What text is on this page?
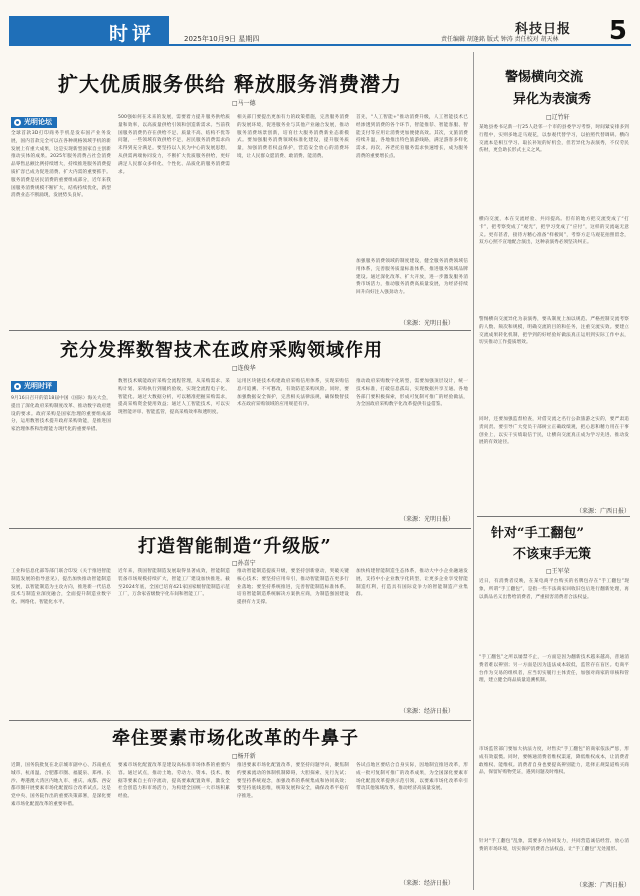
时评	2025年10月9日 星期四	责任编辑 胡逢銘 版式 钟涛 责任校对 胡天林
科技日报 5
扩大优质服务供给 释放服务消费潜力
□马一德
光明论坛
全球首款3D打印商务手机是发布国产业务发展，国内首款完全可以在各种规格领域手机的新发展上有重大成果，这是实现新型国家自主创新推动实体的成果。2025年服务消费占社会消费品零售总额比例持续增大，持续推进服务消费提质扩容已成为促进消费、扩大内需的重要抓手。服务消费是居民消费的重要组成部分，近年来我国服务消费规模不断扩大，结构持续优化，新型消费业态不断涌现，发展势头良好。
500强如何在未来的发展，需要着力提升服务供给质量和效率，以高质量供给引领和创造新需求。当前我国服务消费仍存在供给不足、质量不高、结构不优等问题，一些领域有效供给不足，居民服务消费需求尚未得到充分满足。要坚持以人民为中心的发展思想，从供需两端协同发力，不断扩大优质服务供给，更好满足人民群众多样化、个性化、品质化的服务消费需求。
相关部门要提出更加有力的政策措施，完善服务消费的发展环境，促进服务业与其他产业融合发展，推动服务消费场景创新，培育壮大服务消费新业态新模式。要加强服务消费领域标准化建设，提升服务质量，加强消费者权益保护，营造安全放心的消费环境，让人民群众愿消费、敢消费、能消费。
首先，“人工智能+”推动消费升级，人工智能技术已经渗透到消费的各个环节，智能推荐、智能客服、智能支付等应用让消费更加便捷高效。其次，文旅消费持续升温，各地推出特色旅游线路，满足游客多样化需求。再次，养老托育服务需求快速增长，成为服务消费的重要增长点。
加强服务消费领域的制度建设，健全服务消费领域信用体系，完善服务质量标准体系，推进服务领域品牌建设。通过深化改革、扩大开放，进一步激发服务消费市场活力，推动服务消费高质量发展，为经济持续回升向好注入强劲动力。
（来源：光明日报）
充分发挥数智技术在政府采购领域作用
□连俊华
光明时评
9月16日召开的第18届中国（国际）海关大会，提出了深化政府采购制度改革、推动数字政府建设的要求。政府采购是国家治理的重要组成部分，运用数智技术提升政府采购效能，是推进国家治理体系和治理能力现代化的重要举措。
数智技术赋能政府采购全流程管理，从采购需求、采购计划、采购执行到履约验收，实现全流程电子化、智能化。通过大数据分析，可以精准把握采购需求，提高采购资金使用效益；通过人工智能技术，可以实现智能评审、智能监管，提高采购效率和透明度。
运用区块链技术构建政府采购信用体系，实现采购信息可追溯、不可篡改，有效防范采购风险。同时，要加强数据安全保护，完善相关法律法规，确保数智技术在政府采购领域的应用规范有序。
推动政府采购数字化转型，需要加强顶层设计，统一技术标准，打破信息孤岛，实现数据共享互通。各地各部门要积极探索，形成可复制可推广的经验做法，为全国政府采购数字化改革提供有益借鉴。
（来源：光明日报）
打造智能制造“升级版”
□孙喜宁
工业和信息化部等部门联合印发《关于推进智能制造发展的指导意见》，提出加快推动智能制造发展，以智能制造为主攻方向，推进新一代信息技术与制造业深度融合，全面提升制造业数字化、网络化、智能化水平。
近年来，我国智能制造发展取得显著成效，智能制造装备市场规模持续扩大，智能工厂建设加快推进。截至2024年底，全国已培育421家国家级智能制造示范工厂，万余家省级数字化车间和智能工厂。
推动智能制造提质升级，要坚持创新驱动，突破关键核心技术；要坚持应用牵引，推动智能制造在更多行业落地；要坚持系统推进，完善智能制造标准体系，培育智能制造系统解决方案供应商，为制造强国建设提供有力支撑。
加快构建智能制造生态体系，推动大中小企业融通发展，支持中小企业数字化转型，让更多企业享受智能制造红利，打造具有国际竞争力的智能制造产业集群。
（来源：经济日报）
牵住要素市场化改革的牛鼻子
□杨开新
近期，国务院批复在北京城市副中心、苏南重点城市、杭甬温、合肥都市圈、福厦泉、郑州、长沙、粤港澳大湾区内地九市、重庆、成都、西安都市圈开展要素市场化配置综合改革试点。这是党中央、国务院作出的重要决策部署，是深化要素市场化配置改革的重要举措。
要素市场化配置改革是建设高标准市场体系的重要内容。通过试点，推动土地、劳动力、资本、技术、数据等要素自主有序流动，提高要素配置效率，激发全社会创造力和市场活力，为构建全国统一大市场积累经验。
推进要素市场化配置改革，要坚持问题导向，聚焦制约要素流动的体制机制障碍，大胆探索、先行先试；要坚持系统观念，加强改革的系统集成和协同高效；要坚持底线思维，统筹发展和安全，确保改革平稳有序推进。
各试点地区要结合自身实际，因地制宜推进改革，形成一批可复制可推广的改革成果，为全国深化要素市场化配置改革提供示范引领，以要素市场化改革牵引带动其他领域改革，推动经济高质量发展。
（来源：经济日报）
警惕横向交流
异化为表演秀
□辽竹轩
某地县委书记新一行25人赴邻一个市的县委学习考察，时间紧安排多到行程中，实则多地走马观花，以参观代替学习，以拍照代替调研。横向交流本是相互学习、取长补短的好机会，但若异化为表演秀，不仅劳民伤财，更会助长形式主义之风。
横向交流，本在交流经验、共同提高。但有的地方把交流变成了“打卡”，把考察变成了“观光”，把学习变成了“应付”，这样的交流毫无意义。更有甚者，接待方精心准备“样板间”，考察方走马观花拍照留念，双方心照不宣地配合演出，这种表演秀必须坚决纠正。
警惕横向交流异化为表演秀，要从制度上加以规范。严格控制交流考察的人数、频次和规模，明确交流的目的和任务，注重交流实效。要建立交流成果转化机制，把学到的好经验好做法真正运用到实际工作中去，切实推动工作提质增效。
同时，还要加强监督检查，对借交流之名行公款旅游之实的，要严肃追责问责。要引导广大党员干部树立正确政绩观，把心思和精力用在干事创业上，以实干实绩取信于民，让横向交流真正成为学习先进、推动发展的有效途径。
（来源：广西日报）
针对“手工翻包”
不该束手无策
□王军荣
近日，有消费者反映，在某电商平台购买的名牌包存在“手工翻包”现象，所谓“手工翻包”，是指一些不法商家回收旧包后进行翻新处理，再以新品名义出售给消费者，严重损害消费者合法权益。
“手工翻包”之所以屡禁不止，一方面是因为翻新技术越来越高，普通消费者难以辨别；另一方面是因为违法成本较低，监管存在盲区。电商平台作为交易的组织者，应当切实履行主体责任，加强对商家的审核和管理，建立健全商品质量追溯机制。
市场监管部门要加大执法力度，对售卖“手工翻包”的商家依法严惩，形成有效震慑。同时，要畅通消费者维权渠道，降低维权成本，让消费者敢维权、能维权。消费者自身也要提高辨别能力，选择正规渠道购买商品，保留好购物凭证，遇到问题及时维权。
针对“手工翻包”乱象，需要多方协同发力，共同营造诚信经营、放心消费的市场环境，切实保护消费者合法权益，让“手工翻包”无处遁形。
（来源：广西日报）
